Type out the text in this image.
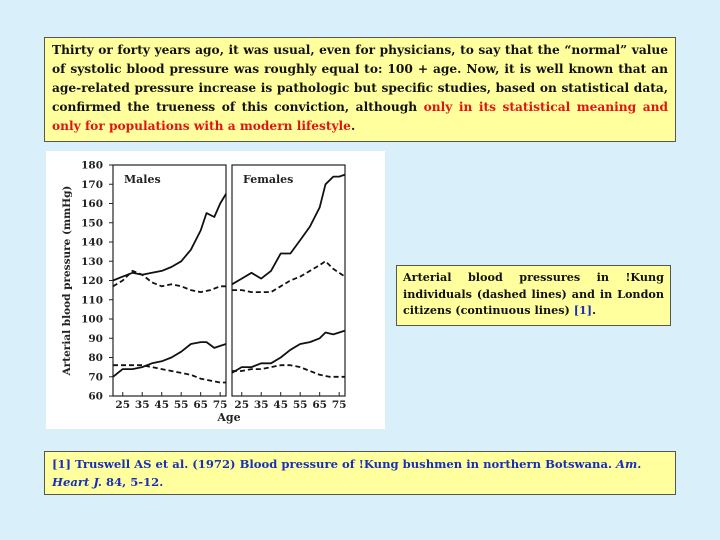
Thirty or forty years ago, it was usual, even for physicians, to say that the “normal” value of systolic blood pressure was roughly equal to: 100 + age. Now, it is well known that an age-related pressure increase is pathologic but specific studies, based on statistical data, confirmed the trueness of this conviction, although only in its statistical meaning and only for populations with a modern lifestyle.
60
70
80
90
100
110
120
130
140
150
160
170
180
Arterial blood pressure (mmHg)
Males
25 35 45 55 65 75
Females
25 35 45 55 65 75
Age
Arterial blood pressures in !Kung individuals (dashed lines) and in London citizens (continuous lines) [1].
[1] Truswell AS et al. (1972) Blood pressure of !Kung bushmen in northern Botswana. Am. Heart J. 84, 5-12.
